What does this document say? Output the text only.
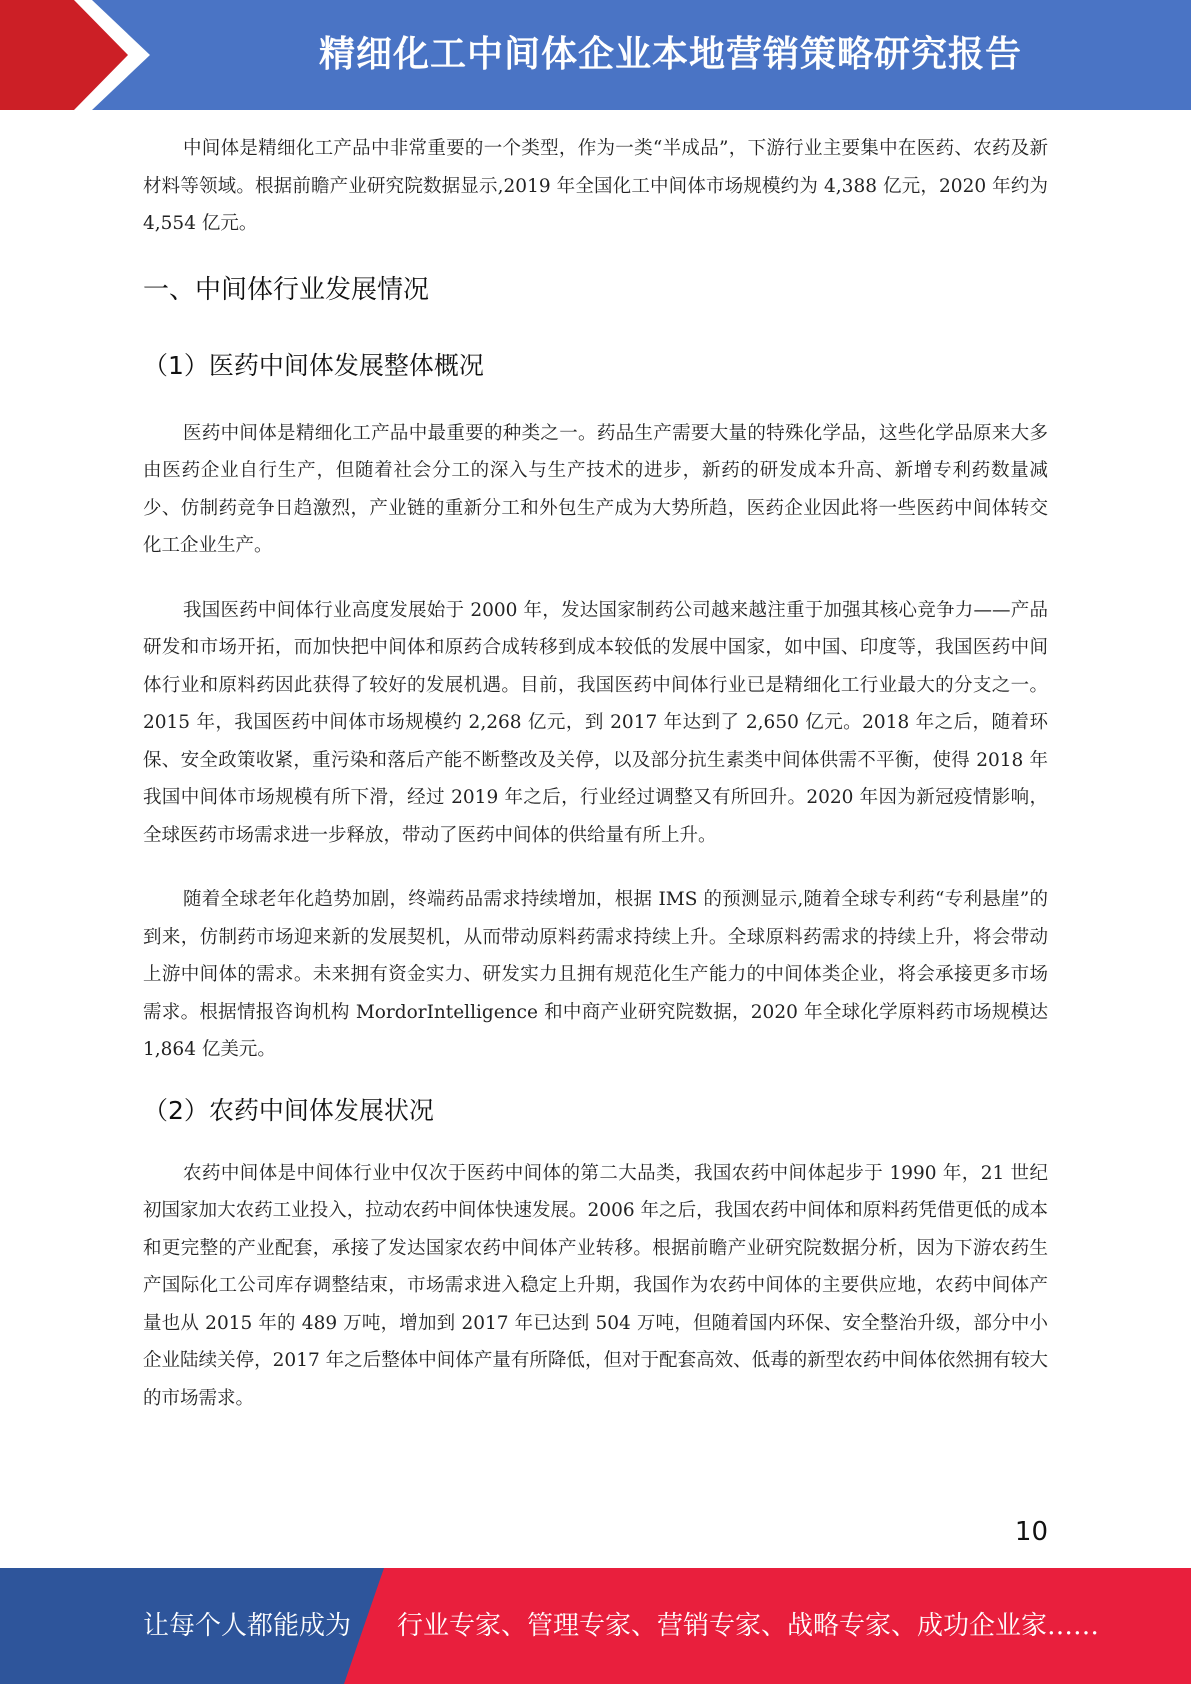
精细化工中间体企业本地营销策略研究报告

中间体是精细化工产品中非常重要的一个类型，作为一类“半成品”，下游行业主要集中在医药、农药及新材料等领域。根据前瞻产业研究院数据显示,2019 年全国化工中间体市场规模约为 4,388 亿元，2020 年约为 4,554 亿元。

一、中间体行业发展情况
（1）医药中间体发展整体概况

医药中间体是精细化工产品中最重要的种类之一。药品生产需要大量的特殊化学品，这些化学品原来大多由医药企业自行生产，但随着社会分工的深入与生产技术的进步，新药的研发成本升高、新增专利药数量减少、仿制药竞争日趋激烈，产业链的重新分工和外包生产成为大势所趋，医药企业因此将一些医药中间体转交化工企业生产。

我国医药中间体行业高度发展始于 2000 年，发达国家制药公司越来越注重于加强其核心竞争力——产品研发和市场开拓，而加快把中间体和原药合成转移到成本较低的发展中国家，如中国、印度等，我国医药中间体行业和原料药因此获得了较好的发展机遇。目前，我国医药中间体行业已是精细化工行业最大的分支之一。2015 年，我国医药中间体市场规模约 2,268 亿元，到 2017 年达到了 2,650 亿元。2018 年之后，随着环保、安全政策收紧，重污染和落后产能不断整改及关停，以及部分抗生素类中间体供需不平衡，使得 2018 年我国中间体市场规模有所下滑，经过 2019 年之后，行业经过调整又有所回升。2020 年因为新冠疫情影响，全球医药市场需求进一步释放，带动了医药中间体的供给量有所上升。

随着全球老年化趋势加剧，终端药品需求持续增加，根据 IMS 的预测显示,随着全球专利药“专利悬崖”的到来，仿制药市场迎来新的发展契机，从而带动原料药需求持续上升。全球原料药需求的持续上升，将会带动上游中间体的需求。未来拥有资金实力、研发实力且拥有规范化生产能力的中间体类企业，将会承接更多市场需求。根据情报咨询机构 MordorIntelligence 和中商产业研究院数据，2020 年全球化学原料药市场规模达 1,864 亿美元。

（2）农药中间体发展状况

农药中间体是中间体行业中仅次于医药中间体的第二大品类，我国农药中间体起步于 1990 年，21 世纪初国家加大农药工业投入，拉动农药中间体快速发展。2006 年之后，我国农药中间体和原料药凭借更低的成本和更完整的产业配套，承接了发达国家农药中间体产业转移。根据前瞻产业研究院数据分析，因为下游农药生产国际化工公司库存调整结束，市场需求进入稳定上升期，我国作为农药中间体的主要供应地，农药中间体产量也从 2015 年的 489 万吨，增加到 2017 年已达到 504 万吨，但随着国内环保、安全整治升级，部分中小企业陆续关停，2017 年之后整体中间体产量有所降低，但对于配套高效、低毒的新型农药中间体依然拥有较大的市场需求。

10
让每个人都能成为 行业专家、管理专家、营销专家、战略专家、成功企业家……
